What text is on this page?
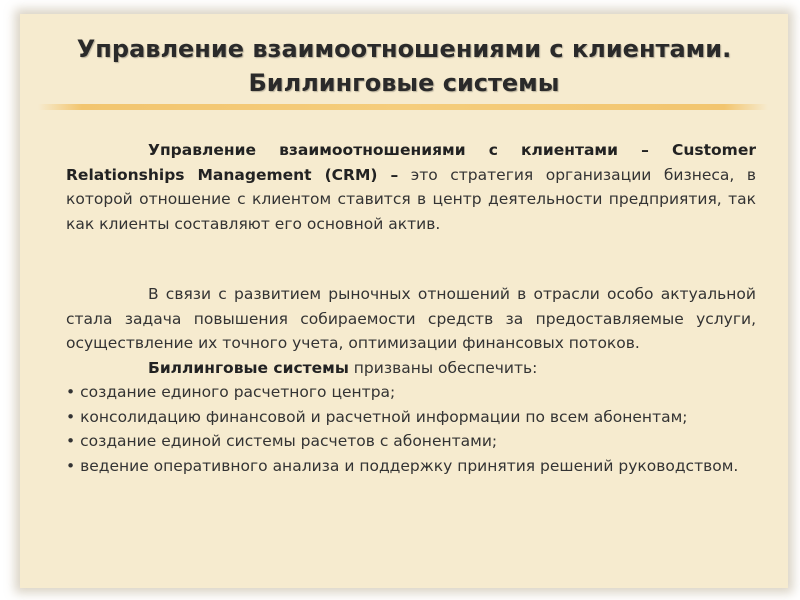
Управление взаимоотношениями с клиентами.
Биллинговые системы
Управление взаимоотношениями с клиентами – Customer Relationships Management (CRM) – это стратегия организации бизнеса, в которой отношение с клиентом ставится в центр деятельности предприятия, так как клиенты составляют его основной актив.
В связи с развитием рыночных отношений в отрасли особо актуальной стала задача повышения собираемости средств за предоставляемые услуги, осуществление их точного учета, оптимизации финансовых потоков.
Биллинговые системы призваны обеспечить:
• создание единого расчетного центра;
• консолидацию финансовой и расчетной информации по всем абонентам;
• создание единой системы расчетов с абонентами;
• ведение оперативного анализа и поддержку принятия решений руководством.
